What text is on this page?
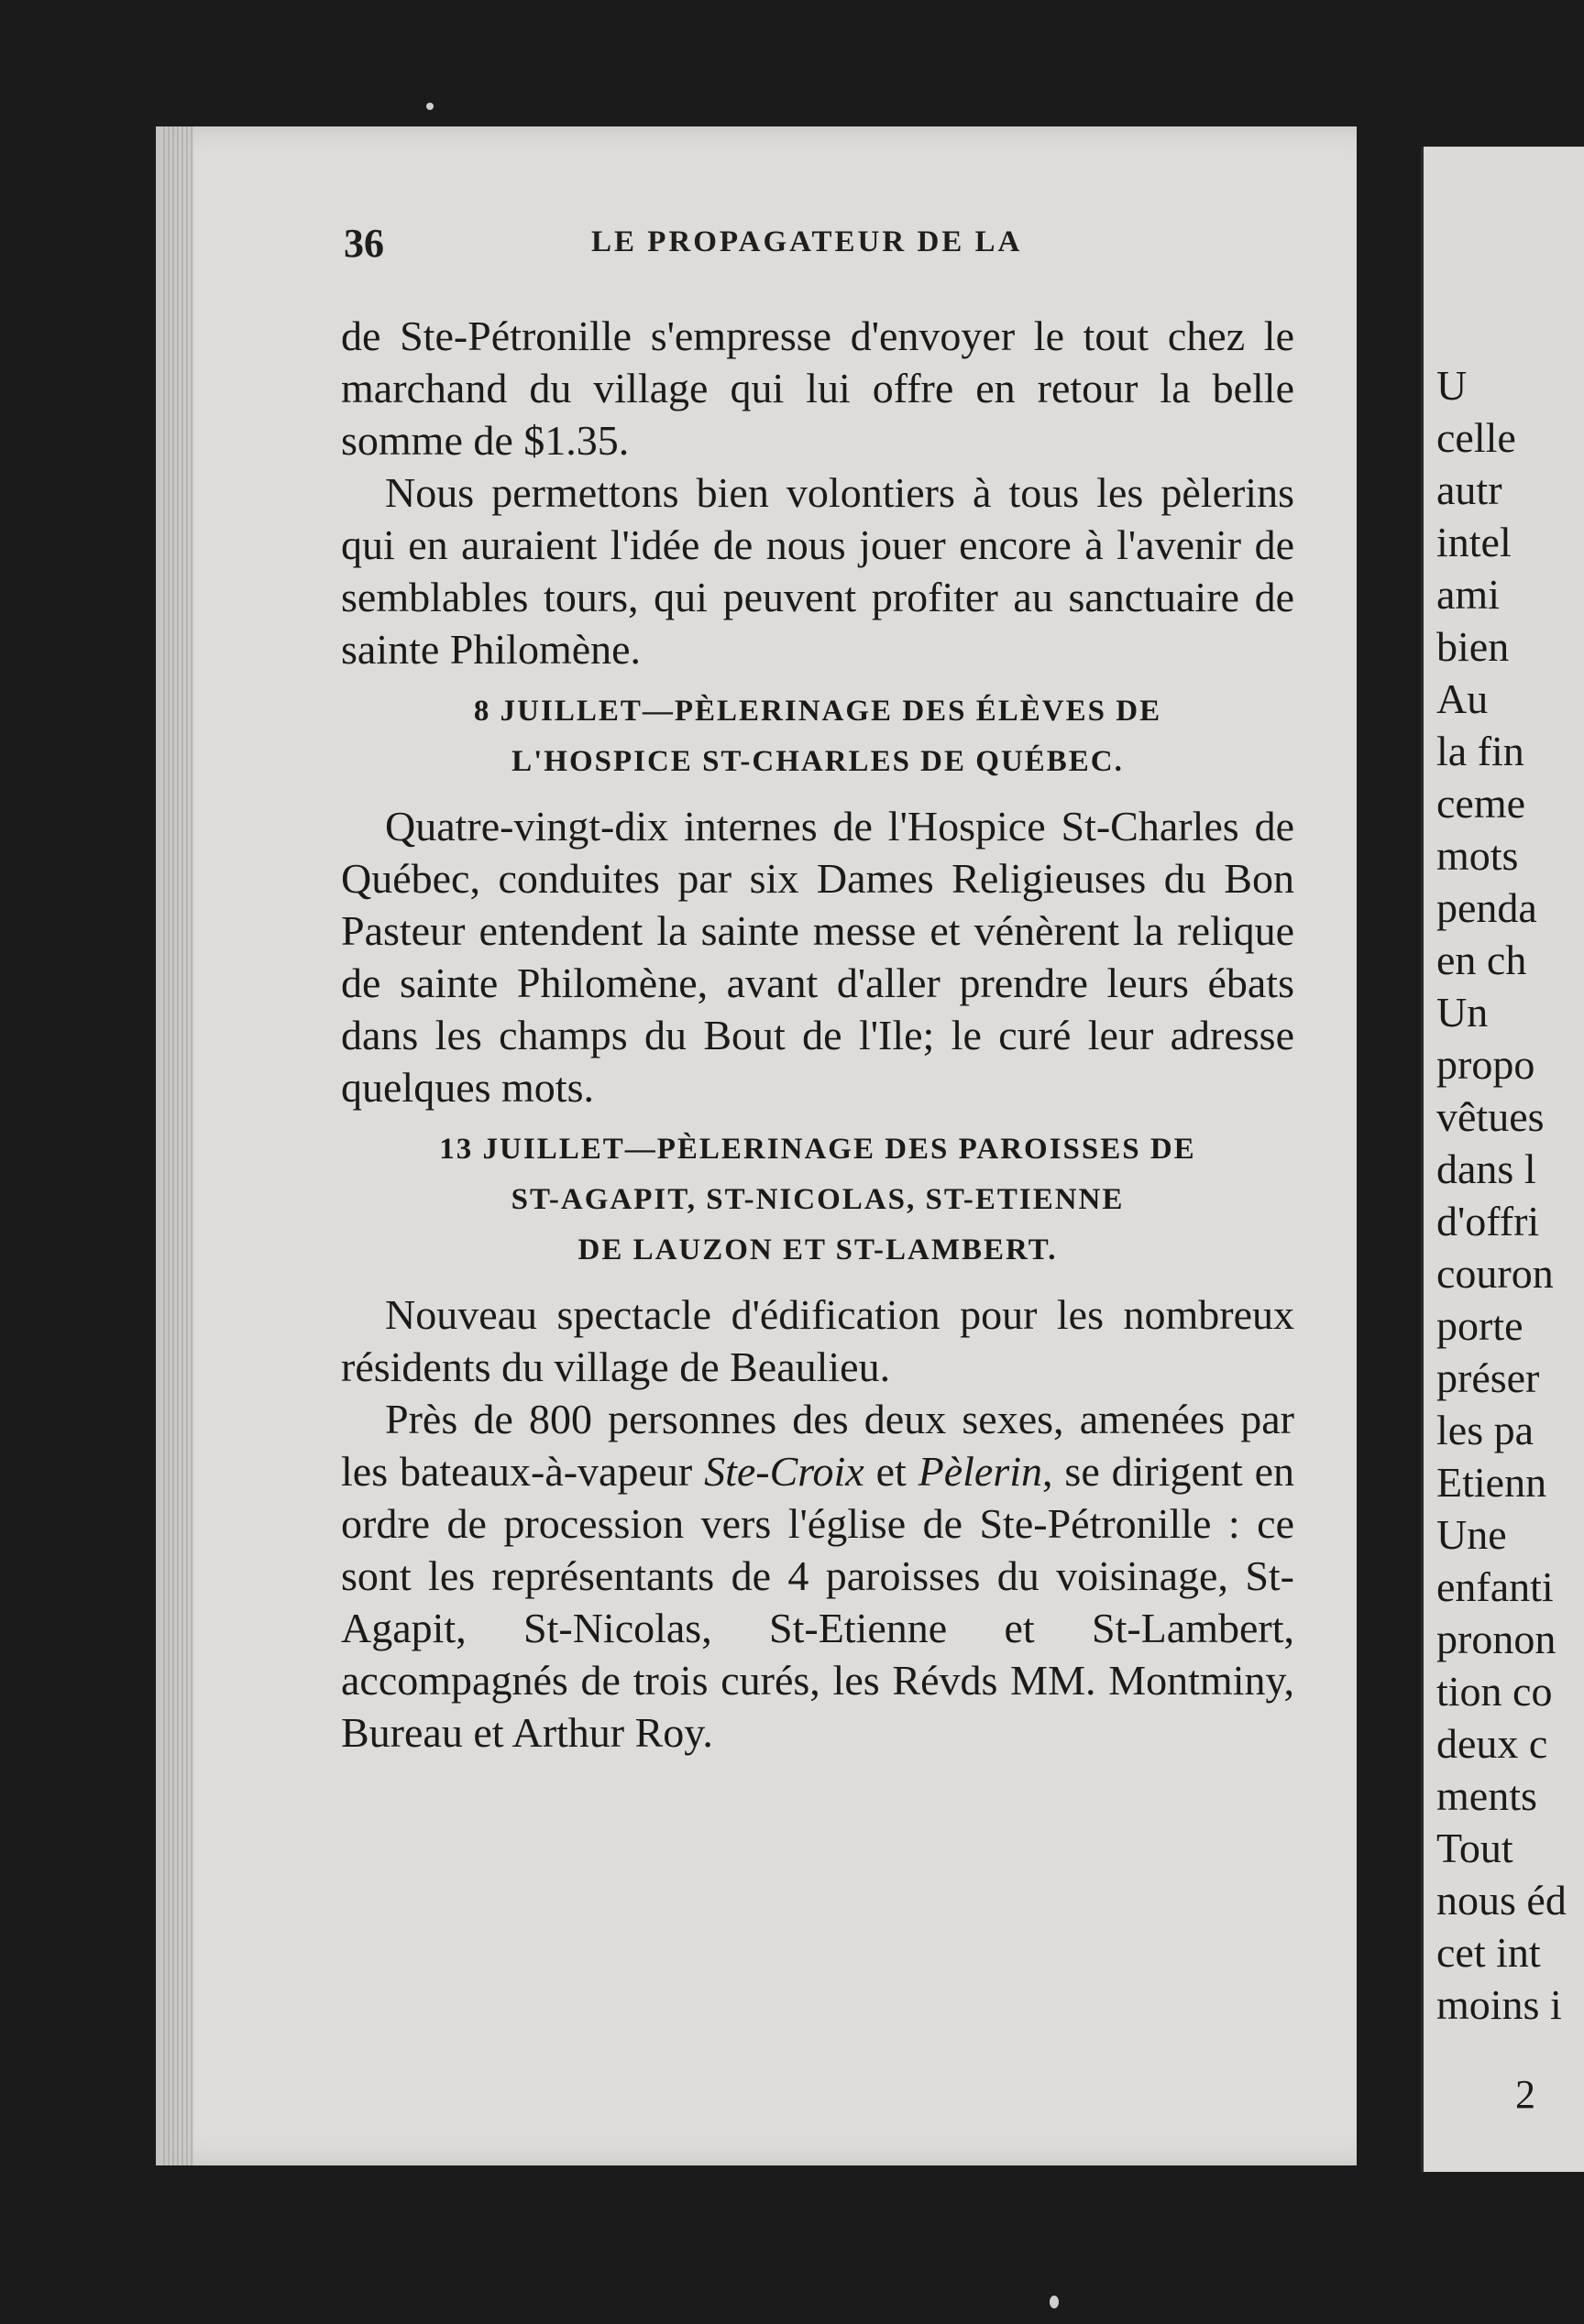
36	LE PROPAGATEUR DE LA

de Ste-Pétronille s'empresse d'envoyer le tout chez le marchand du village qui lui offre en retour la belle somme de $1.35.

Nous permettons bien volontiers à tous les pèlerins qui en auraient l'idée de nous jouer encore à l'avenir de semblables tours, qui peuvent profiter au sanctuaire de sainte Philomène.

8 JUILLET—PÈLERINAGE DES ÉLÈVES DE
L'HOSPICE ST-CHARLES DE QUÉBEC.

Quatre-vingt-dix internes de l'Hospice St-Charles de Québec, conduites par six Dames Religieuses du Bon Pasteur entendent la sainte messe et vénèrent la relique de sainte Philomène, avant d'aller prendre leurs ébats dans les champs du Bout de l'Ile; le curé leur adresse quelques mots.

13 JUILLET—PÈLERINAGE DES PAROISSES DE
ST-AGAPIT, ST-NICOLAS, ST-ETIENNE
DE LAUZON ET ST-LAMBERT.

Nouveau spectacle d'édification pour les nombreux résidents du village de Beaulieu.

Près de 800 personnes des deux sexes, amenées par les bateaux-à-vapeur Ste-Croix et Pèlerin, se dirigent en ordre de procession vers l'église de Ste-Pétronille : ce sont les représentants de 4 paroisses du voisinage, St-Agapit, St-Nicolas, St-Etienne et St-Lambert, accompagnés de trois curés, les Révds MM. Montminy, Bureau et Arthur Roy.

U
celle
autr
intel
ami
bien
Au
la fin
ceme
mots
penda
en ch
Un
propo
vêtues
dans l
d'offri
couron
porte
préser
les pa
Etienn
Une
enfanti
pronon
tion co
deux c
ments
Tout
nous éd
cet int
moins i
2
